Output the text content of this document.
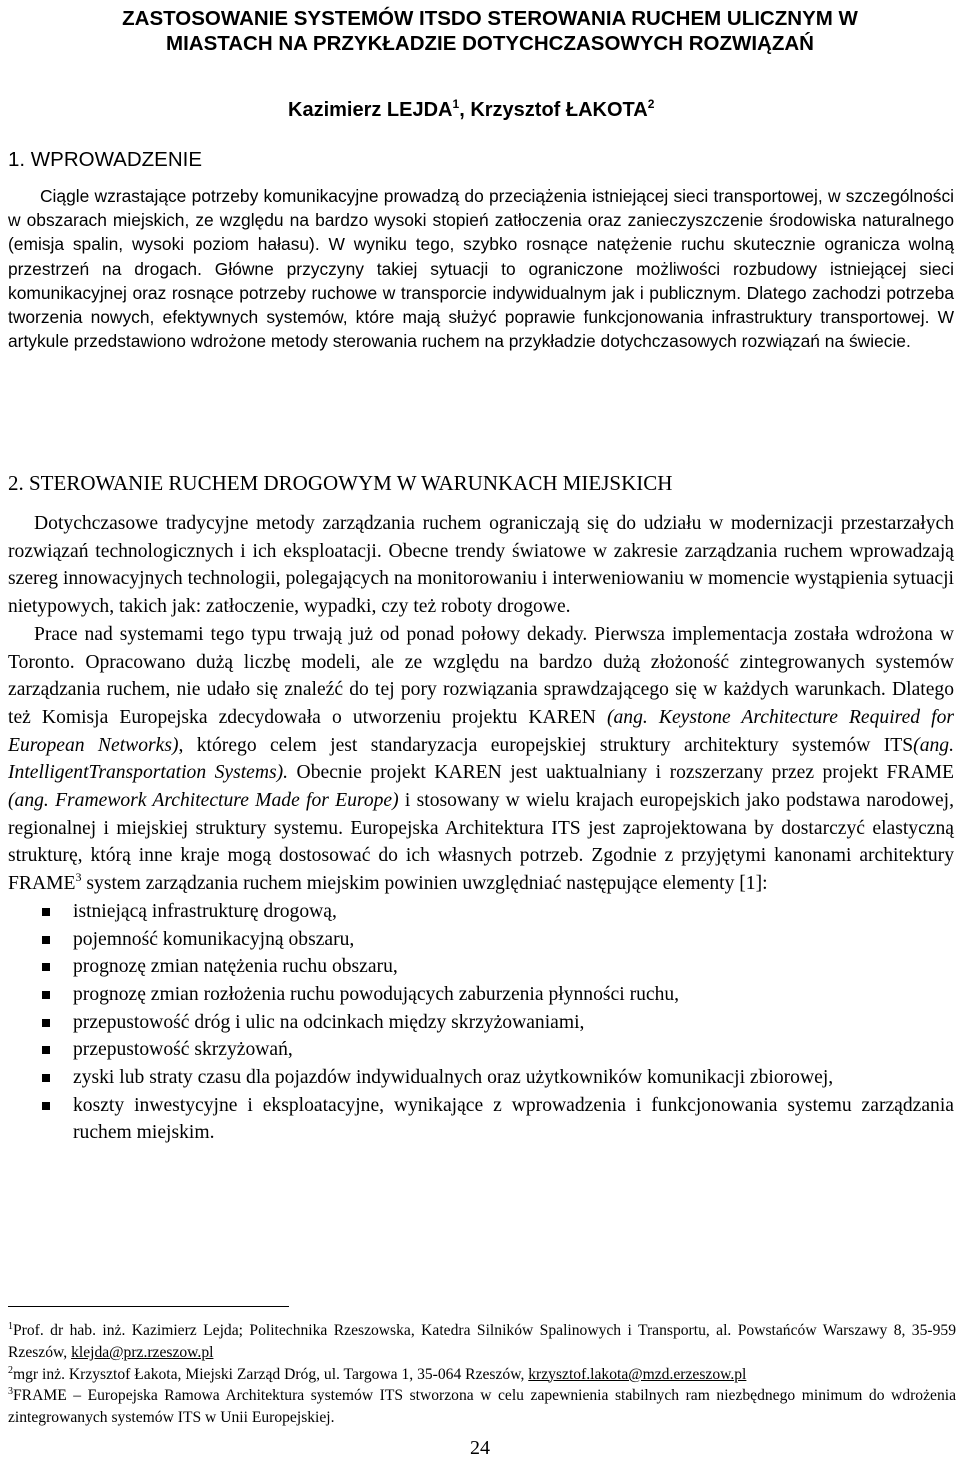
ZASTOSOWANIE SYSTEMÓW ITSDO STEROWANIA RUCHEM ULICZNYM W
MIASTACH NA PRZYKŁADZIE DOTYCHCZASOWYCH ROZWIĄZAŃ
Kazimierz LEJDA$^1$, Krzysztof ŁAKOTA$^2$
1. WPROWADZENIE

Ciągle wzrastające potrzeby komunikacyjne prowadzą do przeciążenia istniejącej sieci transportowej, w szczególności w obszarach miejskich, ze względu na bardzo wysoki stopień zatłoczenia oraz zanieczyszczenie środowiska naturalnego (emisja spalin, wysoki poziom hałasu). W wyniku tego, szybko rosnące natężenie ruchu skutecznie ogranicza wolną przestrzeń na drogach. Główne przyczyny takiej sytuacji to ograniczone możliwości rozbudowy istniejącej sieci komunikacyjnej oraz rosnące potrzeby ruchowe w transporcie indywidualnym jak i publicznym. Dlatego zachodzi potrzeba tworzenia nowych, efektywnych systemów, które mają służyć poprawie funkcjonowania infrastruktury transportowej. W artykule przedstawiono wdrożone metody sterowania ruchem na przykładzie dotychczasowych rozwiązań na świecie.

2. STEROWANIE RUCHEM DROGOWYM W WARUNKACH MIEJSKICH

Dotychczasowe tradycyjne metody zarządzania ruchem ograniczają się do udziału w modernizacji przestarzałych rozwiązań technologicznych i ich eksploatacji. Obecne trendy światowe w zakresie zarządzania ruchem wprowadzają szereg innowacyjnych technologii, polegających na monitorowaniu i interweniowaniu w momencie wystąpienia sytuacji nietypowych, takich jak: zatłoczenie, wypadki, czy też roboty drogowe.

Prace nad systemami tego typu trwają już od ponad połowy dekady. Pierwsza implementacja została wdrożona w Toronto. Opracowano dużą liczbę modeli, ale ze względu na bardzo dużą złożoność zintegrowanych systemów zarządzania ruchem, nie udało się znaleźć do tej pory rozwiązania sprawdzającego się w każdych warunkach. Dlatego też Komisja Europejska zdecydowała o utworzeniu projektu KAREN (ang. Keystone Architecture Required for European Networks), którego celem jest standaryzacja europejskiej struktury architektury systemów ITS(ang. IntelligentTransportation Systems). Obecnie projekt KAREN jest uaktualniany i rozszerzany przez projekt FRAME (ang. Framework Architecture Made for Europe) i stosowany w wielu krajach europejskich jako podstawa narodowej, regionalnej i miejskiej struktury systemu. Europejska Architektura ITS jest zaprojektowana by dostarczyć elastyczną strukturę, którą inne kraje mogą dostosować do ich własnych potrzeb. Zgodnie z przyjętymi kanonami architektury FRAME$^3$ system zarządzania ruchem miejskim powinien uwzględniać następujące elementy [1]:

istniejącą infrastrukturę drogową,
pojemność komunikacyjną obszaru,
prognozę zmian natężenia ruchu obszaru,
prognozę zmian rozłożenia ruchu powodujących zaburzenia płynności ruchu,
przepustowość dróg i ulic na odcinkach między skrzyżowaniami,
przepustowość skrzyżowań,
zyski lub straty czasu dla pojazdów indywidualnych oraz użytkowników komunikacji zbiorowej,
koszty inwestycyjne i eksploatacyjne, wynikające z wprowadzenia i funkcjonowania systemu zarządzania ruchem miejskim.

$^1$Prof. dr hab. inż. Kazimierz Lejda; Politechnika Rzeszowska, Katedra Silników Spalinowych i Transportu, al. Powstańców Warszawy 8, 35-959 Rzeszów, klejda@prz.rzeszow.pl

$^2$mgr inż. Krzysztof Łakota, Miejski Zarząd Dróg, ul. Targowa 1, 35-064 Rzeszów, krzysztof.lakota@mzd.erzeszow.pl

$^3$FRAME – Europejska Ramowa Architektura systemów ITS stworzona w celu zapewnienia stabilnych ram niezbędnego minimum do wdrożenia zintegrowanych systemów ITS w Unii Europejskiej.

24
